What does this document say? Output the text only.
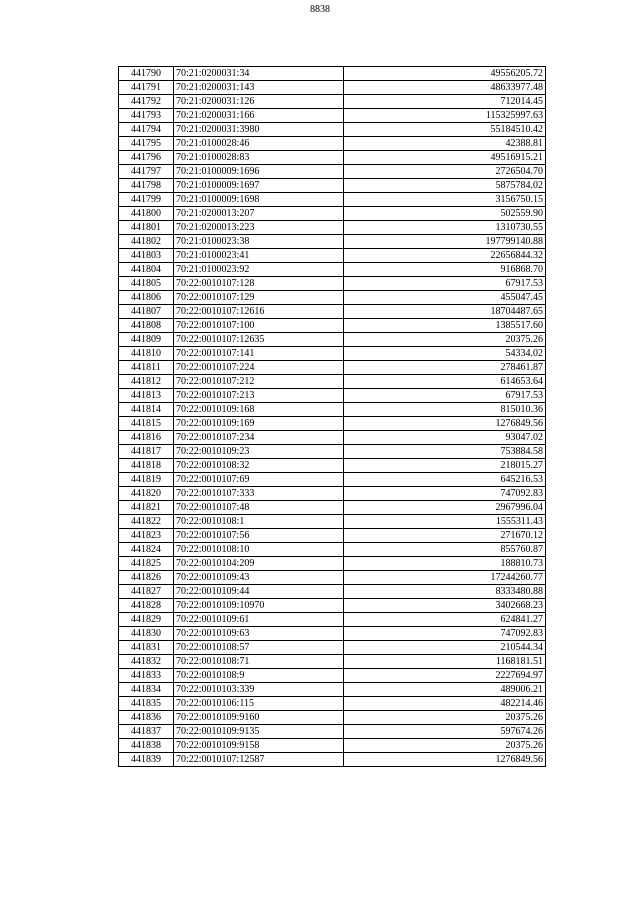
8838
441790	70:21:0200031:34	49556205.72
441791	70:21:0200031:143	48633977.48
441792	70:21:0200031:126	712014.45
441793	70:21:0200031:166	115325997.63
441794	70:21:0200031:3980	55184510.42
441795	70:21:0100028:46	42388.81
441796	70:21:0100028:83	49516915.21
441797	70:21:0100009:1696	2726504.70
441798	70:21:0100009:1697	5875784.02
441799	70:21:0100009:1698	3156750.15
441800	70:21:0200013:207	502559.90
441801	70:21:0200013:223	1310730.55
441802	70:21:0100023:38	197799140.88
441803	70:21:0100023:41	22656844.32
441804	70:21:0100023:92	916868.70
441805	70:22:0010107:128	67917.53
441806	70:22:0010107:129	455047.45
441807	70:22:0010107:12616	18704487.65
441808	70:22:0010107:100	1385517.60
441809	70:22:0010107:12635	20375.26
441810	70:22:0010107:141	54334.02
441811	70:22:0010107:224	278461.87
441812	70:22:0010107:212	614653.64
441813	70:22:0010107:213	67917.53
441814	70:22:0010109:168	815010.36
441815	70:22:0010109:169	1276849.56
441816	70:22:0010107:234	93047.02
441817	70:22:0010109:23	753884.58
441818	70:22:0010108:32	218015.27
441819	70:22:0010107:69	645216.53
441820	70:22:0010107:333	747092.83
441821	70:22:0010107:48	2967996.04
441822	70:22:0010108:1	1555311.43
441823	70:22:0010107:56	271670.12
441824	70:22:0010108:10	855760.87
441825	70:22:0010104:209	188810.73
441826	70:22:0010109:43	17244260.77
441827	70:22:0010109:44	8333480.88
441828	70:22:0010109:10970	3402668.23
441829	70:22:0010109:61	624841.27
441830	70:22:0010109:63	747092.83
441831	70:22:0010108:57	210544.34
441832	70:22:0010108:71	1168181.51
441833	70:22:0010108:9	2227694.97
441834	70:22:0010103:339	489006.21
441835	70:22:0010106:115	482214.46
441836	70:22:0010109:9160	20375.26
441837	70:22:0010109:9135	597674.26
441838	70:22:0010109:9158	20375.26
441839	70:22:0010107:12587	1276849.56
